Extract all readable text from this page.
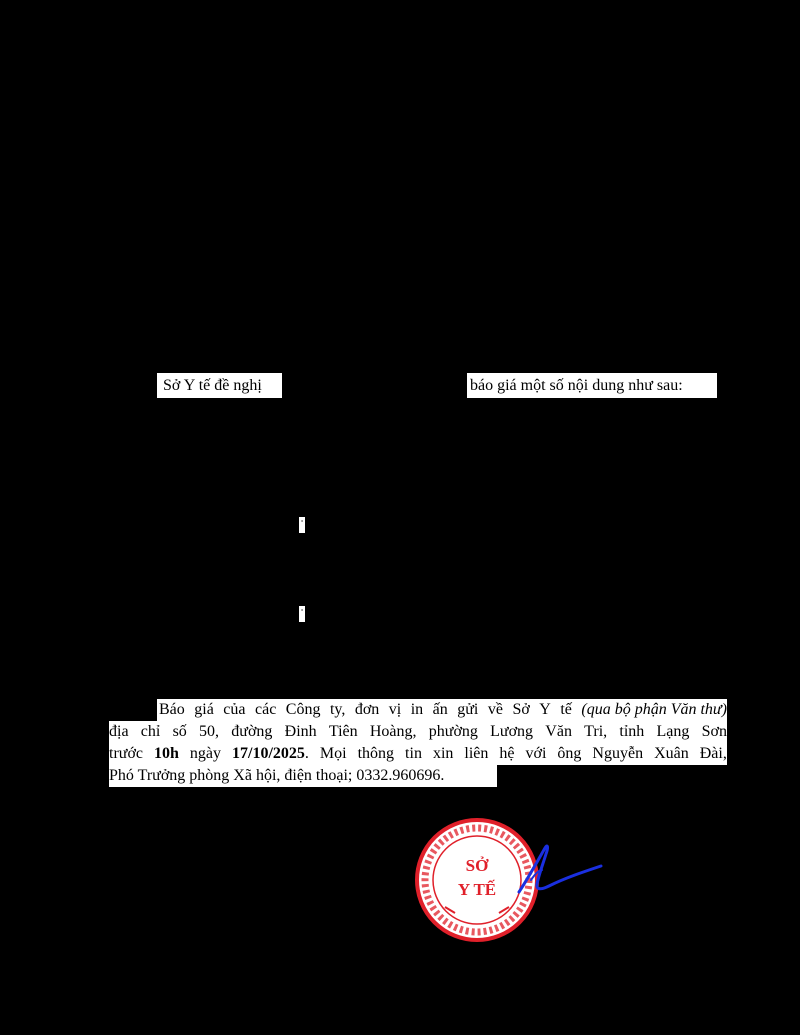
Sở Y tế đề nghị	báo giá một số nội dung như sau:
ˈ
ˈ
Báo giá của các Công ty, đơn vị in ấn gửi về Sở Y tế (qua bộ phận Văn thư)
địa chỉ số 50, đường Đinh Tiên Hoàng, phường Lương Văn Tri, tỉnh Lạng Sơn
trước 10h ngày 17/10/2025. Mọi thông tin xin liên hệ với ông Nguyễn Xuân Đài,
Phó Trưởng phòng Xã hội, điện thoại; 0332.960696.
SỞ
Y TẾ
